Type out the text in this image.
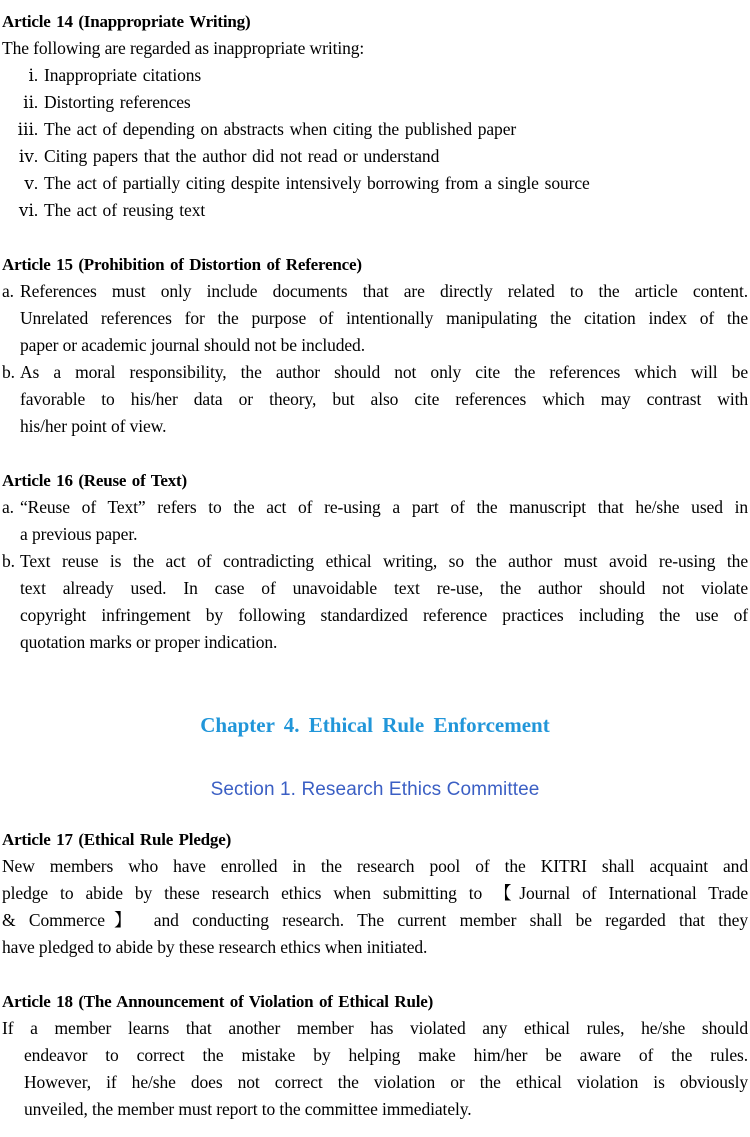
Article 14 (Inappropriate Writing)
The following are regarded as inappropriate writing:
ⅰ. Inappropriate citations
ⅱ. Distorting references
ⅲ. The act of depending on abstracts when citing the published paper
ⅳ. Citing papers that the author did not read or understand
ⅴ. The act of partially citing despite intensively borrowing from a single source
ⅵ. The act of reusing text
Article 15 (Prohibition of Distortion of Reference)
a. References must only include documents that are directly related to the article content.
Unrelated references for the purpose of intentionally manipulating the citation index of the
paper or academic journal should not be included.
b. As a moral responsibility, the author should not only cite the references which will be
favorable to his/her data or theory, but also cite references which may contrast with
his/her point of view.
Article 16 (Reuse of Text)
a. “Reuse of Text” refers to the act of re-using a part of the manuscript that he/she used in
a previous paper.
b. Text reuse is the act of contradicting ethical writing, so the author must avoid re-using the
text already used. In case of unavoidable text re-use, the author should not violate
copyright infringement by following standardized reference practices including the use of
quotation marks or proper indication.
Chapter 4. Ethical Rule Enforcement
Section 1. Research Ethics Committee
Article 17 (Ethical Rule Pledge)
New members who have enrolled in the research pool of the KITRI shall acquaint and
pledge to abide by these research ethics when submitting to 【Journal of International Trade
& Commerce】 and conducting research. The current member shall be regarded that they
have pledged to abide by these research ethics when initiated.
Article 18 (The Announcement of Violation of Ethical Rule)
If a member learns that another member has violated any ethical rules, he/she should
endeavor to correct the mistake by helping make him/her be aware of the rules.
However, if he/she does not correct the violation or the ethical violation is obviously
unveiled, the member must report to the committee immediately.
